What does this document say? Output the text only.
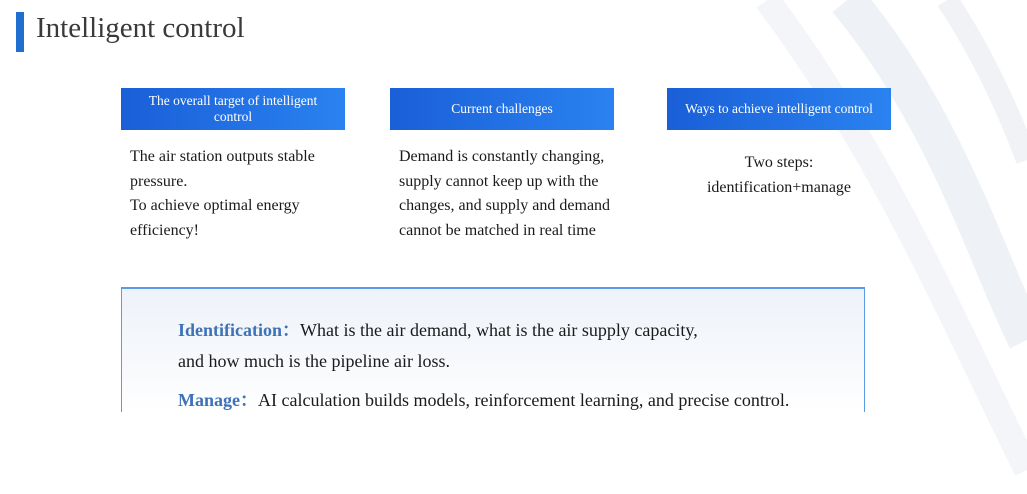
Intelligent control
The overall target of intelligent control
Current challenges	Ways to achieve intelligent control
The air station outputs stable pressure.
To achieve optimal energy efficiency!
Demand is constantly changing, supply cannot keep up with the changes, and supply and demand cannot be matched in real time
Two steps:
identification+manage
Identification：What is the air demand, what is the air supply capacity,
and how much is the pipeline air loss.
Manage：AI calculation builds models, reinforcement learning, and precise control.
